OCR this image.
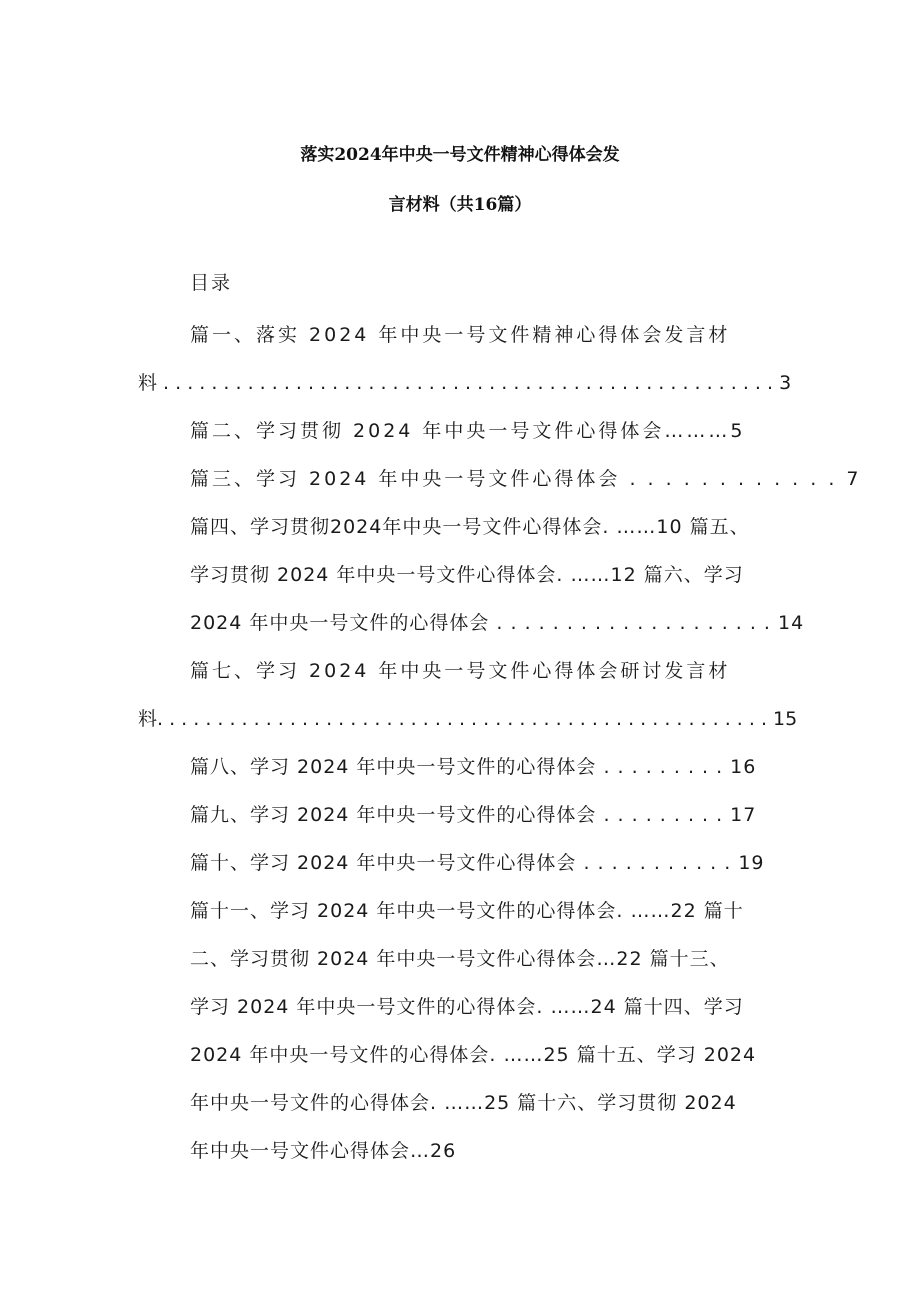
落实2024年中央一号文件精神心得体会发
言材料（共16篇）
目录
篇一、落实 2024 年中央一号文件精神心得体会发言材
料 . . . . . . . . . . . . . . . . . . . . . . . . . . . . . . . . . . . . . . . . . . . . . . . . . . . 3
篇二、学习贯彻 2024 年中央一号文件心得体会………5
篇三、学习 2024 年中央一号文件心得体会 . . . . . . . . . . . . 7
篇四、学习贯彻2024年中央一号文件心得体会. ……10 篇五、
学习贯彻 2024 年中央一号文件心得体会. ……12 篇六、学习
2024 年中央一号文件的心得体会 . . . . . . . . . . . . . . . . . . . . 14
篇七、学习 2024 年中央一号文件心得体会研讨发言材
料. . . . . . . . . . . . . . . . . . . . . . . . . . . . . . . . . . . . . . . . . . . . . . . . . . . 15
篇八、学习 2024 年中央一号文件的心得体会 . . . . . . . . . 16
篇九、学习 2024 年中央一号文件的心得体会 . . . . . . . . . 17
篇十、学习 2024 年中央一号文件心得体会 . . . . . . . . . . . 19
篇十一、学习 2024 年中央一号文件的心得体会. ……22 篇十
二、学习贯彻 2024 年中央一号文件心得体会…22 篇十三、
学习 2024 年中央一号文件的心得体会. ……24 篇十四、学习
2024 年中央一号文件的心得体会. ……25 篇十五、学习 2024
年中央一号文件的心得体会. ……25 篇十六、学习贯彻 2024
年中央一号文件心得体会…26
